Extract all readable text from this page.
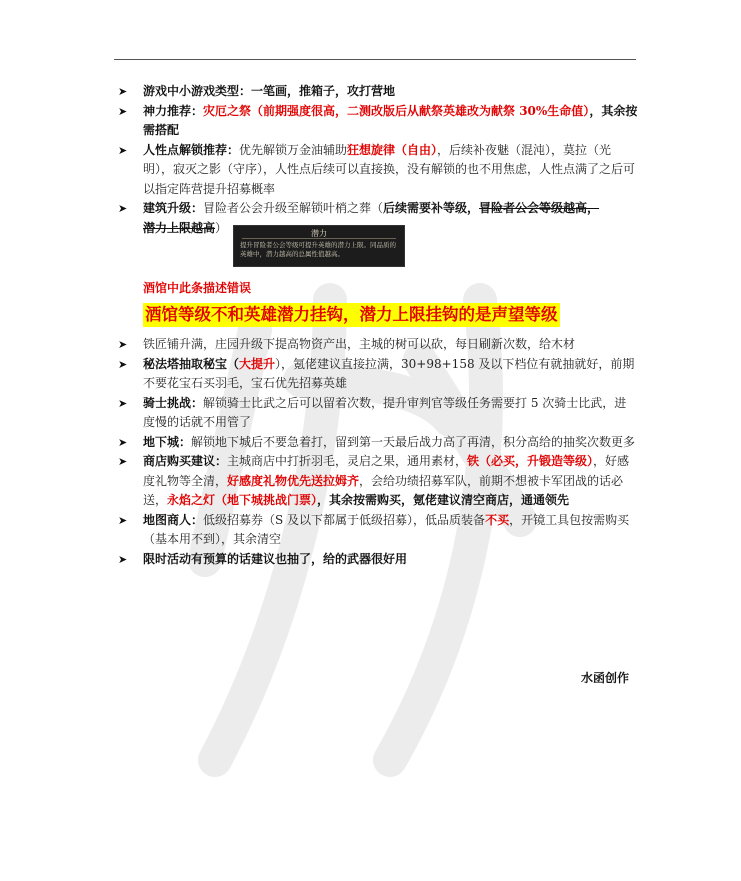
➤ 游戏中小游戏类型：一笔画，推箱子，攻打营地
➤ 神力推荐：灾厄之祭（前期强度很高，二测改版后从献祭英雄改为献祭 30%生命值），其余按需搭配
➤ 人性点解锁推荐：优先解锁万金油辅助狂想旋律（自由），后续补夜魅（混沌），莫拉（光明），寂灭之影（守序），人性点后续可以直接换，没有解锁的也不用焦虑，人性点满了之后可以指定阵营提升招募概率
➤ 建筑升级：冒险者公会升级至解锁叶梢之葬（后续需要补等级，冒险者公会等级越高，
潜力上限越高）	潜力
提升冒险者公会等级可提升英雄的潜力上限。同品质的英雄中，潜力越高的总属性值越高。
酒馆中此条描述错误
酒馆等级不和英雄潜力挂钩，潜力上限挂钩的是声望等级
➤ 铁匠铺升满，庄园升级下提高物资产出，主城的树可以砍，每日刷新次数，给木材
➤ 秘法塔抽取秘宝（大提升），氪佬建议直接拉满，30+98+158 及以下档位有就抽就好，前期不要花宝石买羽毛，宝石优先招募英雄
➤ 骑士挑战：解锁骑士比武之后可以留着次数，提升审判官等级任务需要打 5 次骑士比武，进度慢的话就不用管了
➤ 地下城：解锁地下城后不要急着打，留到第一天最后战力高了再清，积分高给的抽奖次数更多
➤ 商店购买建议：主城商店中打折羽毛，灵启之果，通用素材，铁（必买，升锻造等级），好感度礼物等全清，好感度礼物优先送拉姆齐，会给功绩招募军队，前期不想被卡军团战的话必送，永焰之灯（地下城挑战门票），其余按需购买，氪佬建议清空商店，通通领先
➤ 地图商人：低级招募券（S 及以下都属于低级招募），低品质装备不买，开镜工具包按需购买（基本用不到），其余清空
➤ 限时活动有预算的话建议也抽了，给的武器很好用
水函创作
